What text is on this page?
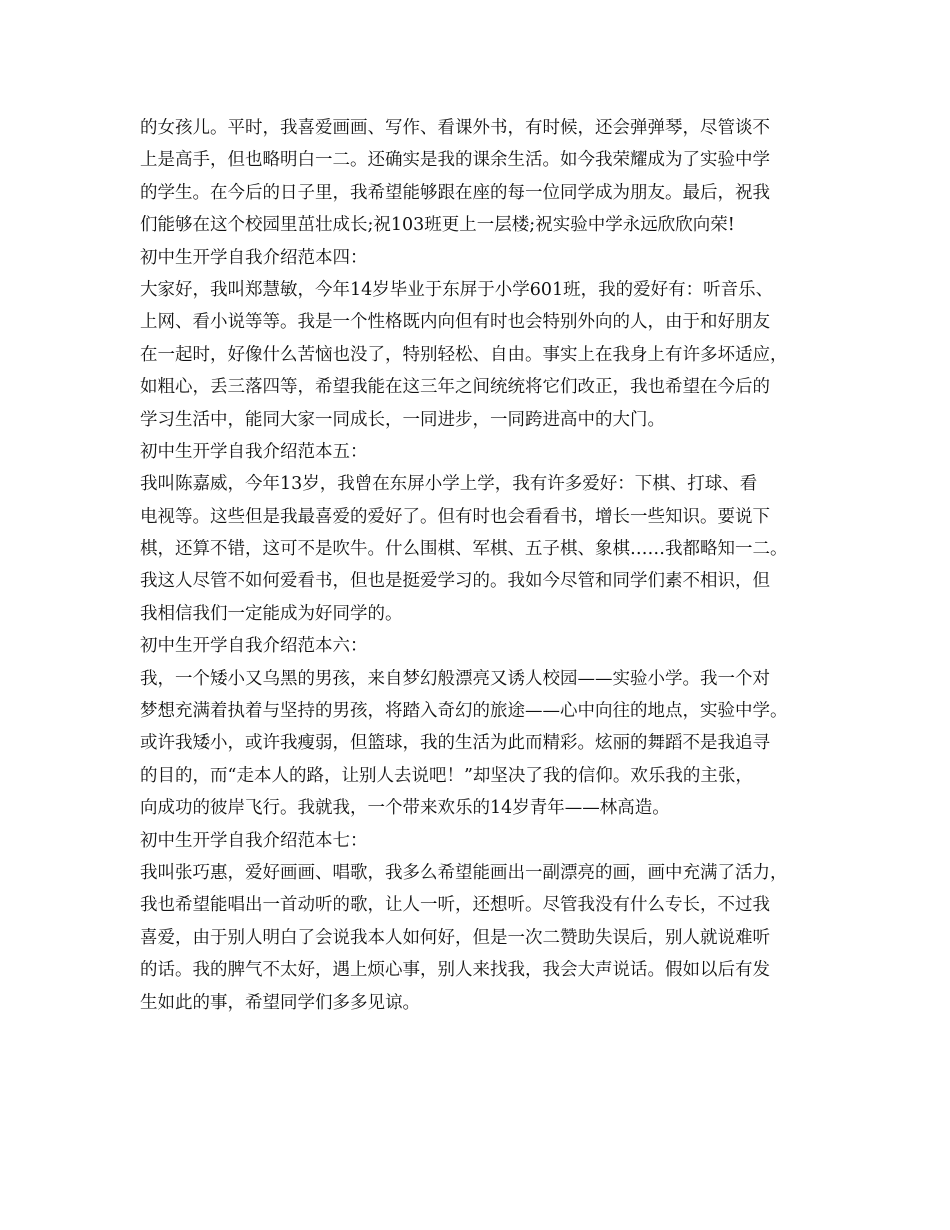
的女孩儿。平时，我喜爱画画、写作、看课外书，有时候，还会弹弹琴，尽管谈不
上是高手，但也略明白一二。还确实是我的课余生活。如今我荣耀成为了实验中学
的学生。在今后的日子里，我希望能够跟在座的每一位同学成为朋友。最后，祝我
们能够在这个校园里茁壮成长;祝103班更上一层楼;祝实验中学永远欣欣向荣!
初中生开学自我介绍范本四：
大家好，我叫郑慧敏，今年14岁毕业于东屏于小学601班，我的爱好有：听音乐、
上网、看小说等等。我是一个性格既内向但有时也会特别外向的人，由于和好朋友
在一起时，好像什么苦恼也没了，特别轻松、自由。事实上在我身上有许多坏适应，
如粗心，丢三落四等，希望我能在这三年之间统统将它们改正，我也希望在今后的
学习生活中，能同大家一同成长，一同进步，一同跨进高中的大门。
初中生开学自我介绍范本五：
我叫陈嘉威，今年13岁，我曾在东屏小学上学，我有许多爱好：下棋、打球、看
电视等。这些但是我最喜爱的爱好了。但有时也会看看书，增长一些知识。要说下
棋，还算不错，这可不是吹牛。什么围棋、军棋、五子棋、象棋……我都略知一二。
我这人尽管不如何爱看书，但也是挺爱学习的。我如今尽管和同学们素不相识，但
我相信我们一定能成为好同学的。
初中生开学自我介绍范本六：
我，一个矮小又乌黑的男孩，来自梦幻般漂亮又诱人校园——实验小学。我一个对
梦想充满着执着与坚持的男孩，将踏入奇幻的旅途——心中向往的地点，实验中学。
或许我矮小，或许我瘦弱，但篮球，我的生活为此而精彩。炫丽的舞蹈不是我追寻
的目的，而“走本人的路，让别人去说吧！”却坚决了我的信仰。欢乐我的主张，
向成功的彼岸飞行。我就我，一个带来欢乐的14岁青年——林高造。
初中生开学自我介绍范本七：
我叫张巧惠，爱好画画、唱歌，我多么希望能画出一副漂亮的画，画中充满了活力，
我也希望能唱出一首动听的歌，让人一听，还想听。尽管我没有什么专长，不过我
喜爱，由于别人明白了会说我本人如何好，但是一次二赞助失误后，别人就说难听
的话。我的脾气不太好，遇上烦心事，别人来找我，我会大声说话。假如以后有发
生如此的事，希望同学们多多见谅。
